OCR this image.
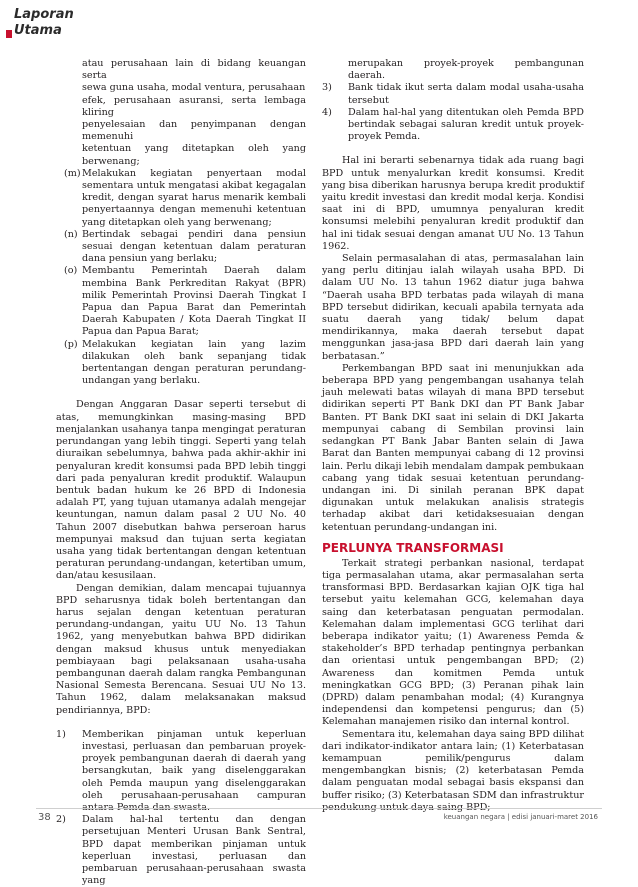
Laporan
Utama
atau perusahaan lain di bidang keuangan serta
sewa guna usaha, modal ventura, perusahaan
efek, perusahaan asuransi, serta lembaga kliring
penyelesaian dan penyimpanan dengan memenuhi
ketentuan yang ditetapkan oleh yang berwenang;
(m) Melakukan kegiatan penyertaan modal sementara untuk mengatasi akibat kegagalan kredit, dengan syarat harus menarik kembali penyertaannya dengan memenuhi ketentuan yang ditetapkan oleh yang berwenang;
(n) Bertindak sebagai pendiri dana pensiun sesuai dengan ketentuan dalam peraturan dana pensiun yang berlaku;
(o) Membantu Pemerintah Daerah dalam membina Bank Perkreditan Rakyat (BPR) milik Pemerintah Provinsi Daerah Tingkat I Papua dan Papua Barat dan Pemerintah Daerah Kabupaten / Kota Daerah Tingkat II Papua dan Papua Barat;
(p) Melakukan kegiatan lain yang lazim dilakukan oleh bank sepanjang tidak bertentangan dengan peraturan perundang-undangan yang berlaku.

Dengan Anggaran Dasar seperti tersebut di atas, memungkinkan masing-masing BPD menjalankan usahanya tanpa mengingat peraturan perundangan yang lebih tinggi. Seperti yang telah diuraikan sebelumnya, bahwa pada akhir-akhir ini penyaluran kredit konsumsi pada BPD lebih tinggi dari pada penyaluran kredit produktif. Walaupun bentuk badan hukum ke 26 BPD di Indonesia adalah PT, yang tujuan utamanya adalah mengejar keuntungan, namun dalam pasal 2 UU No. 40 Tahun 2007 disebutkan bahwa perseroan harus mempunyai maksud dan tujuan serta kegiatan usaha yang tidak bertentangan dengan ketentuan peraturan perundang-undangan, ketertiban umum, dan/atau kesusilaan.

Dengan demikian, dalam mencapai tujuannya BPD seharusnya tidak boleh bertentangan dan harus sejalan dengan ketentuan peraturan perundang-undangan, yaitu UU No. 13 Tahun 1962, yang menyebutkan bahwa BPD didirikan dengan maksud khusus untuk menyediakan pembiayaan bagi pelaksanaan usaha-usaha pembangunan daerah dalam rangka Pembangunan Nasional Semesta Berencana. Sesuai UU No 13. Tahun 1962, dalam melaksanakan maksud pendiriannya, BPD:

1) Memberikan pinjaman untuk keperluan investasi, perluasan dan pembaruan proyek-proyek pembangunan daerah di daerah yang bersangkutan, baik yang diselenggarakan oleh Pemda maupun yang diselenggarakan oleh perusahaan-perusahaan campuran
2) Dalam hal-hal tertentu dan dengan persetujuan Menteri Urusan Bank Sentral, BPD dapat memberikan pinjaman untuk keperluan investasi, perluasan dan pembaruan perusahaan-perusahaan swasta yang
merupakan proyek-proyek pembangunan daerah.
3) Bank tidak ikut serta dalam modal usaha-usaha tersebut
4) Dalam hal-hal yang ditentukan oleh Pemda BPD bertindak sebagai saluran kredit untuk proyek-proyek Pemda.

Hal ini berarti sebenarnya tidak ada ruang bagi BPD untuk menyalurkan kredit konsumsi. Kredit yang bisa diberikan harusnya berupa kredit produktif yaitu kredit investasi dan kredit modal kerja. Kondisi saat ini di BPD, umumnya penyaluran kredit konsumsi melebihi penyaluran kredit produktif dan hal ini tidak sesuai dengan amanat UU No. 13 Tahun 1962.

Selain permasalahan di atas, permasalahan lain yang perlu ditinjau ialah wilayah usaha BPD. Di dalam UU No. 13 tahun 1962 diatur juga bahwa “Daerah usaha BPD terbatas pada wilayah di mana BPD tersebut didirikan, kecuali apabila ternyata ada suatu daerah yang tidak/ belum dapat mendirikannya, maka daerah tersebut dapat menggunkan jasa-jasa BPD dari daerah lain yang berbatasan.”

Perkembangan BPD saat ini menunjukkan ada beberapa BPD yang pengembangan usahanya telah jauh melewati batas wilayah di mana BPD tersebut didirikan seperti PT Bank DKI dan PT Bank Jabar Banten. PT Bank DKI saat ini selain di DKI Jakarta mempunyai cabang di Sembilan provinsi lain sedangkan PT Bank Jabar Banten selain di Jawa Barat dan Banten mempunyai cabang di 12 provinsi lain. Perlu dikaji lebih mendalam dampak pembukaan cabang yang tidak sesuai ketentuan perundang-undangan ini. Di sinilah peranan BPK dapat digunakan untuk melakukan analisis strategis terhadap akibat dari ketidaksesuaian dengan ketentuan perundang-undangan ini.

PERLUNYA TRANSFORMASI

Terkait strategi perbankan nasional, terdapat tiga permasalahan utama, akar permasalahan serta transformasi BPD. Berdasarkan kajian OJK tiga hal tersebut yaitu kelemahan GCG, kelemahan daya saing dan keterbatasan penguatan permodalan. Kelemahan dalam implementasi GCG terlihat dari beberapa indikator yaitu; (1) Awareness Pemda & stakeholder’s BPD terhadap pentingnya perbankan dan orientasi untuk pengembangan BPD; (2) Awareness dan komitmen Pemda untuk meningkatkan GCG BPD; (3) Peranan pihak lain (DPRD) dalam penambahan modal; (4) Kurangnya independensi dan kompetensi pengurus; dan (5) Kelemahan manajemen risiko dan internal kontrol.

Sementara itu, kelemahan daya saing BPD dilihat dari indikator-indikator antara lain; (1) Keterbatasan kemampuan pemilik/pengurus dalam mengembangkan bisnis; (2) keterbatasan Pemda dalam penguatan modal sebagai basis ekspansi dan buffer risiko; (3) Keterbatasan SDM dan infrastruktur

38	keuangan negara | edisi januari-maret 2016
